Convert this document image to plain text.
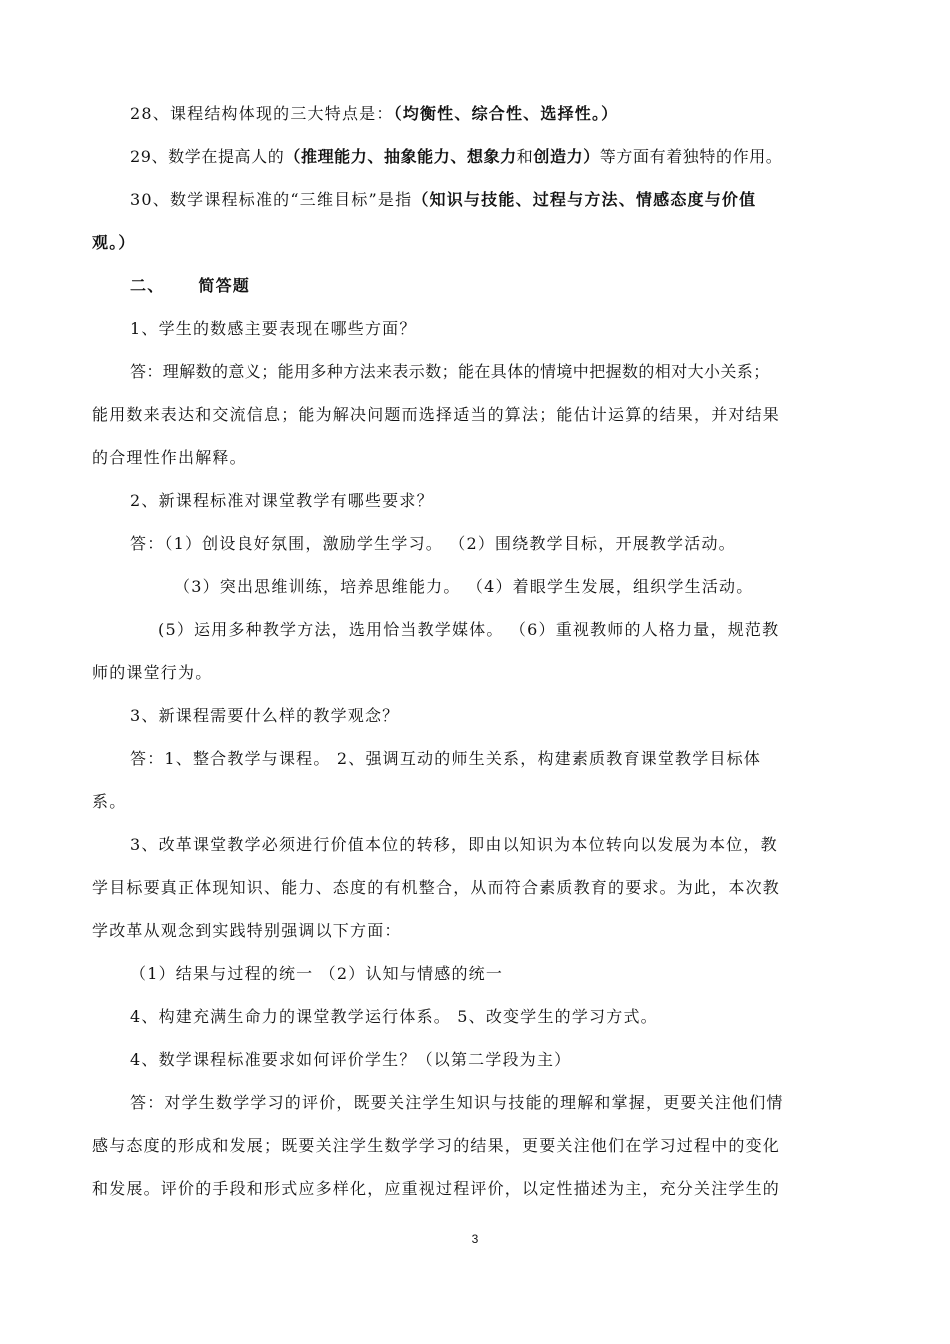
28、课程结构体现的三大特点是：（均衡性、综合性、选择性。）
29、数学在提高人的（推理能力、抽象能力、想象力和创造力）等方面有着独特的作用。
30、数学课程标准的“三维目标”是指（知识与技能、过程与方法、情感态度与价值
观。）
二、 简答题
1、学生的数感主要表现在哪些方面？
答：理解数的意义；能用多种方法来表示数；能在具体的情境中把握数的相对大小关系；
能用数来表达和交流信息；能为解决问题而选择适当的算法；能估计运算的结果，并对结果
的合理性作出解释。
2、新课程标准对课堂教学有哪些要求？
答：（1）创设良好氛围，激励学生学习。 （2）围绕教学目标，开展教学活动。
（3）突出思维训练，培养思维能力。 （4）着眼学生发展，组织学生活动。
(5）运用多种教学方法，选用恰当教学媒体。 （6）重视教师的人格力量，规范教
师的课堂行为。
3、新课程需要什么样的教学观念？
答：1、整合教学与课程。 2、强调互动的师生关系，构建素质教育课堂教学目标体
系。
3、改革课堂教学必须进行价值本位的转移，即由以知识为本位转向以发展为本位，教
学目标要真正体现知识、能力、态度的有机整合，从而符合素质教育的要求。为此，本次教
学改革从观念到实践特别强调以下方面：
（1）结果与过程的统一 （2）认知与情感的统一
4、构建充满生命力的课堂教学运行体系。 5、改变学生的学习方式。
4、数学课程标准要求如何评价学生？（以第二学段为主）
答：对学生数学学习的评价，既要关注学生知识与技能的理解和掌握，更要关注他们情
感与态度的形成和发展；既要关注学生数学学习的结果，更要关注他们在学习过程中的变化
和发展。评价的手段和形式应多样化，应重视过程评价，以定性描述为主，充分关注学生的
3
